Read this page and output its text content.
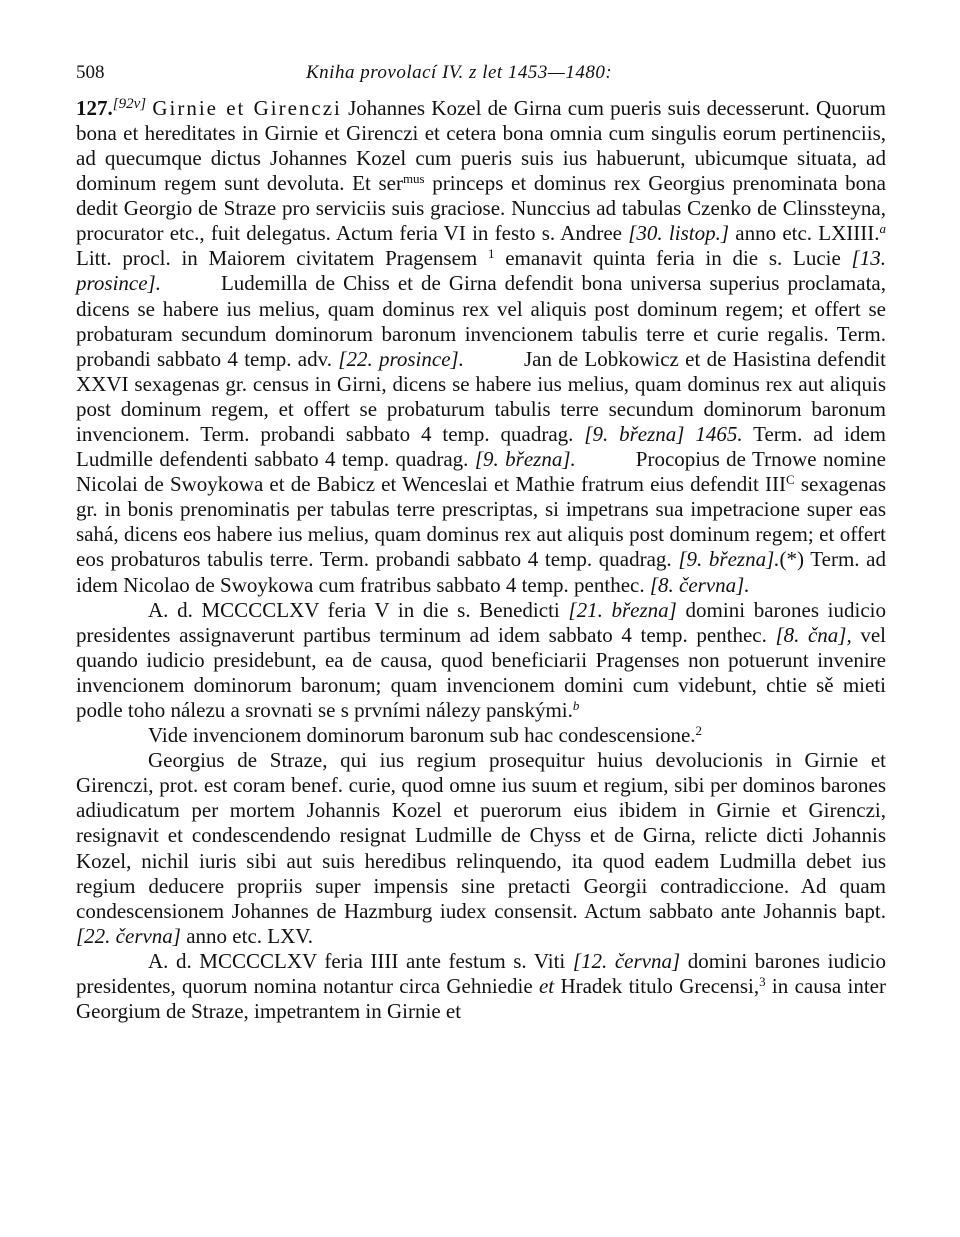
508	Kniha provolací IV. z let 1453—1480:

127.[92v] Girnie et Girenczi Johannes Kozel de Girna cum pueris suis decesserunt. Quorum bona et hereditates in Girnie et Girenczi et cetera bona omnia cum singulis eorum pertinenciis, ad quecumque dictus Johannes Kozel cum pueris suis ius habuerunt, ubicumque situata, ad dominum regem sunt devoluta. Et ser$^{mus}$ princeps et dominus rex Georgius prenominata bona dedit Georgio de Straze pro serviciis suis graciose. Nunccius ad tabulas Czenko de Clinssteyna, procurator etc., fuit delegatus. Actum feria VI in festo s. Andree [30. listop.] anno etc. LXIIII.$^a$ Litt. procl. in Maiorem civitatem Pragensem $^1$ emanavit quinta feria in die s. Lucie [13. prosince].	Ludemilla de Chiss et de Girna defendit bona universa superius proclamata, dicens se habere ius melius, quam dominus rex vel aliquis post dominum regem; et offert se probaturam secundum dominorum baronum invencionem tabulis terre et curie regalis. Term. probandi sabbato 4 temp. adv. [22. prosince].	Jan de Lobkowicz et de Hasistina defendit XXVI sexagenas gr. census in Girni, dicens se habere ius melius, quam dominus rex aut aliquis post dominum regem, et offert se probaturum tabulis terre secundum dominorum baronum invencionem. Term. probandi sabbato 4 temp. quadrag. [9. března] 1465. Term. ad idem Ludmille defendenti sabbato 4 temp. quadrag. [9. března].	Procopius de Trnowe nomine Nicolai de Swoykowa et de Babicz et Wenceslai et Mathie fratrum eius defendit $III^C$ sexagenas gr. in bonis prenominatis per tabulas terre prescriptas, si impetrans sua impetracione super eas sahá, dicens eos habere ius melius, quam dominus rex aut aliquis post dominum regem; et offert eos probaturos tabulis terre. Term. probandi sabbato 4 temp. quadrag. [9. března].(*) Term. ad idem Nicolao de Swoykowa cum fratribus sabbato 4 temp. penthec. [8. června].

A. d. MCCCCLXV feria V in die s. Benedicti [21. března] domini barones iudicio presidentes assignaverunt partibus terminum ad idem sabbato 4 temp. penthec. [8. čna], vel quando iudicio presidebunt, ea de causa, quod beneficiarii Pragenses non potuerunt invenire invencionem dominorum baronum; quam invencionem domini cum videbunt, chtie sě mieti podle toho nálezu a srovnati se s prvními nálezy panskými.$^b$

Vide invencionem dominorum baronum sub hac condescensione.$^2$

Georgius de Straze, qui ius regium prosequitur huius devolucionis in Girnie et Girenczi, prot. est coram benef. curie, quod omne ius suum et regium, sibi per dominos barones adiudicatum per mortem Johannis Kozel et puerorum eius ibidem in Girnie et Girenczi, resignavit et condescendendo resignat Ludmille de Chyss et de Girna, relicte dicti Johannis Kozel, nichil iuris sibi aut suis heredibus relinquendo, ita quod eadem Ludmilla debet ius regium deducere propriis super impensis sine pretacti Georgii contradiccione. Ad quam condescensionem Johannes de Hazmburg iudex consensit. Actum sabbato ante Johannis bapt. [22. června] anno etc. LXV.

A. d. MCCCCLXV feria IIII ante festum s. Viti [12. června] domini barones iudicio presidentes, quorum nomina notantur circa Gehniedie et Hradek titulo Grecensi,$^3$ in causa inter Georgium de Straze, impetrantem in Girnie et
